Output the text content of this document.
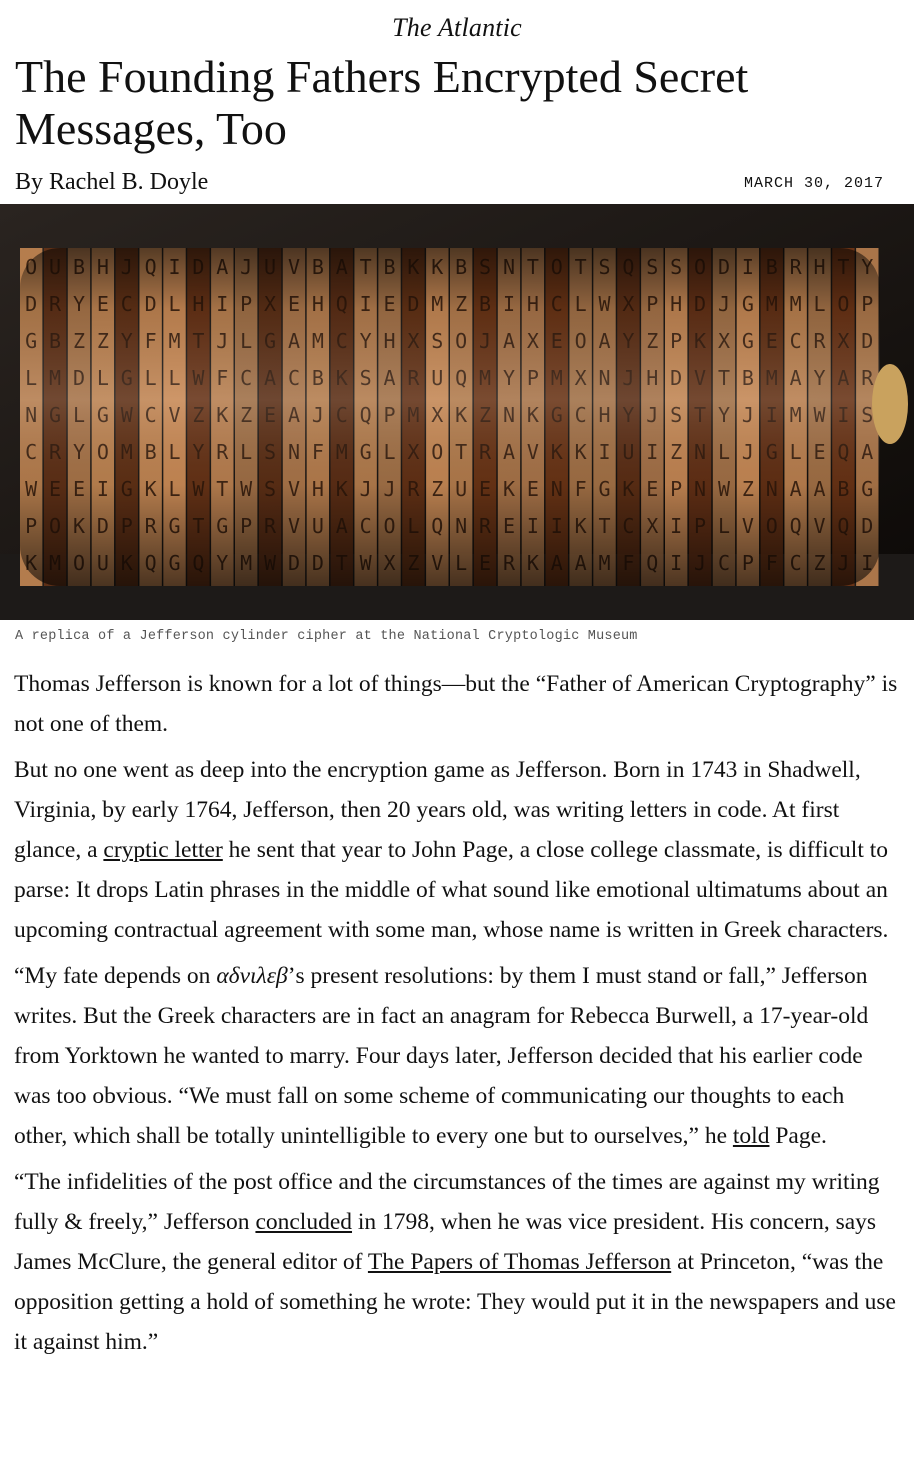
The Atlantic
The Founding Fathers Encrypted Secret Messages, Too
By Rachel B. Doyle	MARCH 30, 2017
A replica of a Jefferson cylinder cipher at the National Cryptologic Museum

Thomas Jefferson is known for a lot of things—but the “Father of American Cryptography” is not one of them.

But no one went as deep into the encryption game as Jefferson. Born in 1743 in Shadwell, Virginia, by early 1764, Jefferson, then 20 years old, was writing letters in code. At first glance, a cryptic letter he sent that year to John Page, a close college classmate, is difficult to parse: It drops Latin phrases in the middle of what sound like emotional ultimatums about an upcoming contractual agreement with some man, whose name is written in Greek characters.

“My fate depends on αδνιλεβ’s present resolutions: by them I must stand or fall,” Jefferson writes. But the Greek characters are in fact an anagram for Rebecca Burwell, a 17-year-old from Yorktown he wanted to marry. Four days later, Jefferson decided that his earlier code was too obvious. “We must fall on some scheme of communicating our thoughts to each other, which shall be totally unintelligible to every one but to ourselves,” he told Page.

“The infidelities of the post office and the circumstances of the times are against my writing fully & freely,” Jefferson concluded in 1798, when he was vice president. His concern, says James McClure, the general editor of The Papers of Thomas Jefferson at Princeton, “was the opposition getting a hold of something he wrote: They would put it in the newspapers and use it against him.”
